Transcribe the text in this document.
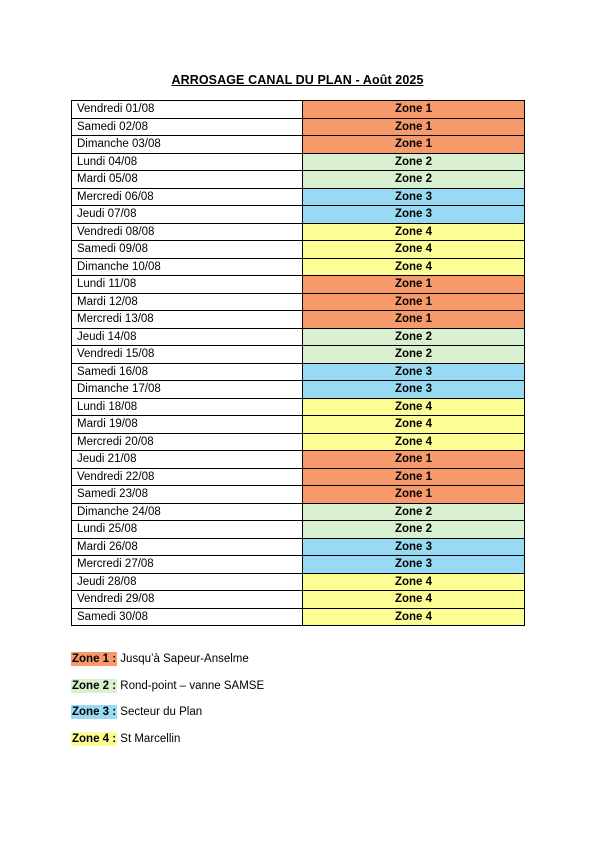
ARROSAGE CANAL DU PLAN - Août 2025
Vendredi 01/08	Zone 1
Samedi 02/08	Zone 1
Dimanche 03/08	Zone 1
Lundi 04/08	Zone 2
Mardi 05/08	Zone 2
Mercredi 06/08	Zone 3
Jeudi 07/08	Zone 3
Vendredi 08/08	Zone 4
Samedi 09/08	Zone 4
Dimanche 10/08	Zone 4
Lundi 11/08	Zone 1
Mardi 12/08	Zone 1
Mercredi 13/08	Zone 1
Jeudi 14/08	Zone 2
Vendredi 15/08	Zone 2
Samedi 16/08	Zone 3
Dimanche 17/08	Zone 3
Lundi 18/08	Zone 4
Mardi 19/08	Zone 4
Mercredi 20/08	Zone 4
Jeudi 21/08	Zone 1
Vendredi 22/08	Zone 1
Samedi 23/08	Zone 1
Dimanche 24/08	Zone 2
Lundi 25/08	Zone 2
Mardi 26/08	Zone 3
Mercredi 27/08	Zone 3
Jeudi 28/08	Zone 4
Vendredi 29/08	Zone 4
Samedi 30/08	Zone 4
Zone 1 : Jusqu’à Sapeur-Anselme
Zone 2 : Rond-point – vanne SAMSE
Zone 3 : Secteur du Plan
Zone 4 : St Marcellin
